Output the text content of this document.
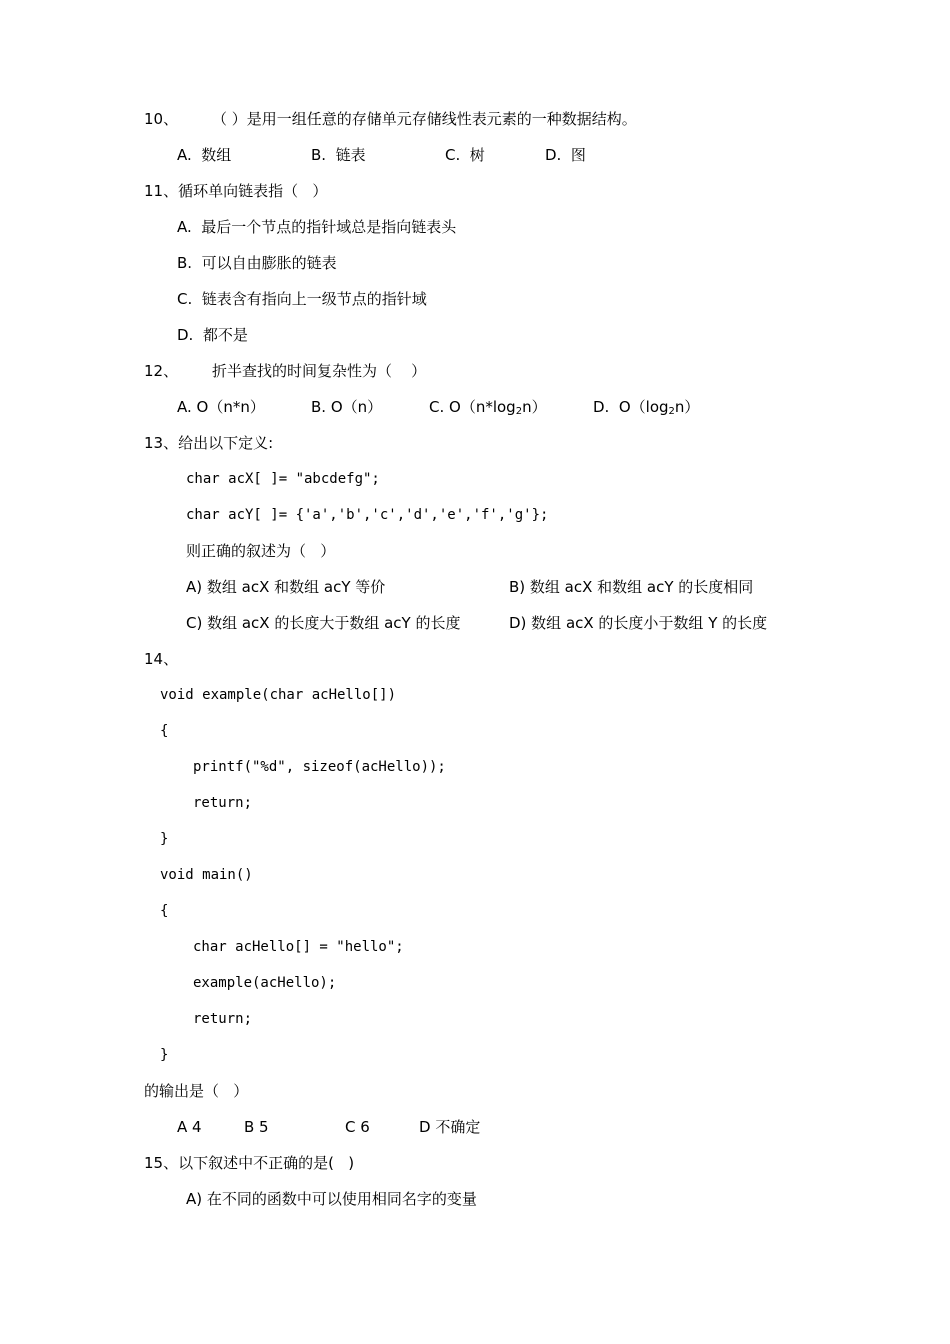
10、 （ ）是用一组任意的存储单元存储线性表元素的一种数据结构。
A.  数组	B.  链表	C.  树	D.  图
11、循环单向链表指（   ）
A.  最后一个节点的指针域总是指向链表头
B.  可以自由膨胀的链表
C.  链表含有指向上一级节点的指针域
D.  都不是
12、 折半查找的时间复杂性为（    ）
A. O（n*n）	B. O（n）	C. $O(n*\log_2n)$	D.  $O(\log_2n)$
13、给出以下定义:
char acX[ ]= "abcdefg";
char acY[ ]= {'a','b','c','d','e','f','g'};
则正确的叙述为（   ）
A) 数组 acX 和数组 acY 等价	B) 数组 acX 和数组 acY 的长度相同
C) 数组 acX 的长度大于数组 acY 的长度	D) 数组 acX 的长度小于数组 Y 的长度
14、
void example(char acHello[])
{
printf("%d", sizeof(acHello));
return;
}
void main()
{
char acHello[] = "hello";
example(acHello);
return;
}
的输出是（   ）
A 4	B 5	C 6	D 不确定
15、以下叙述中不正确的是(   )
A) 在不同的函数中可以使用相同名字的变量
